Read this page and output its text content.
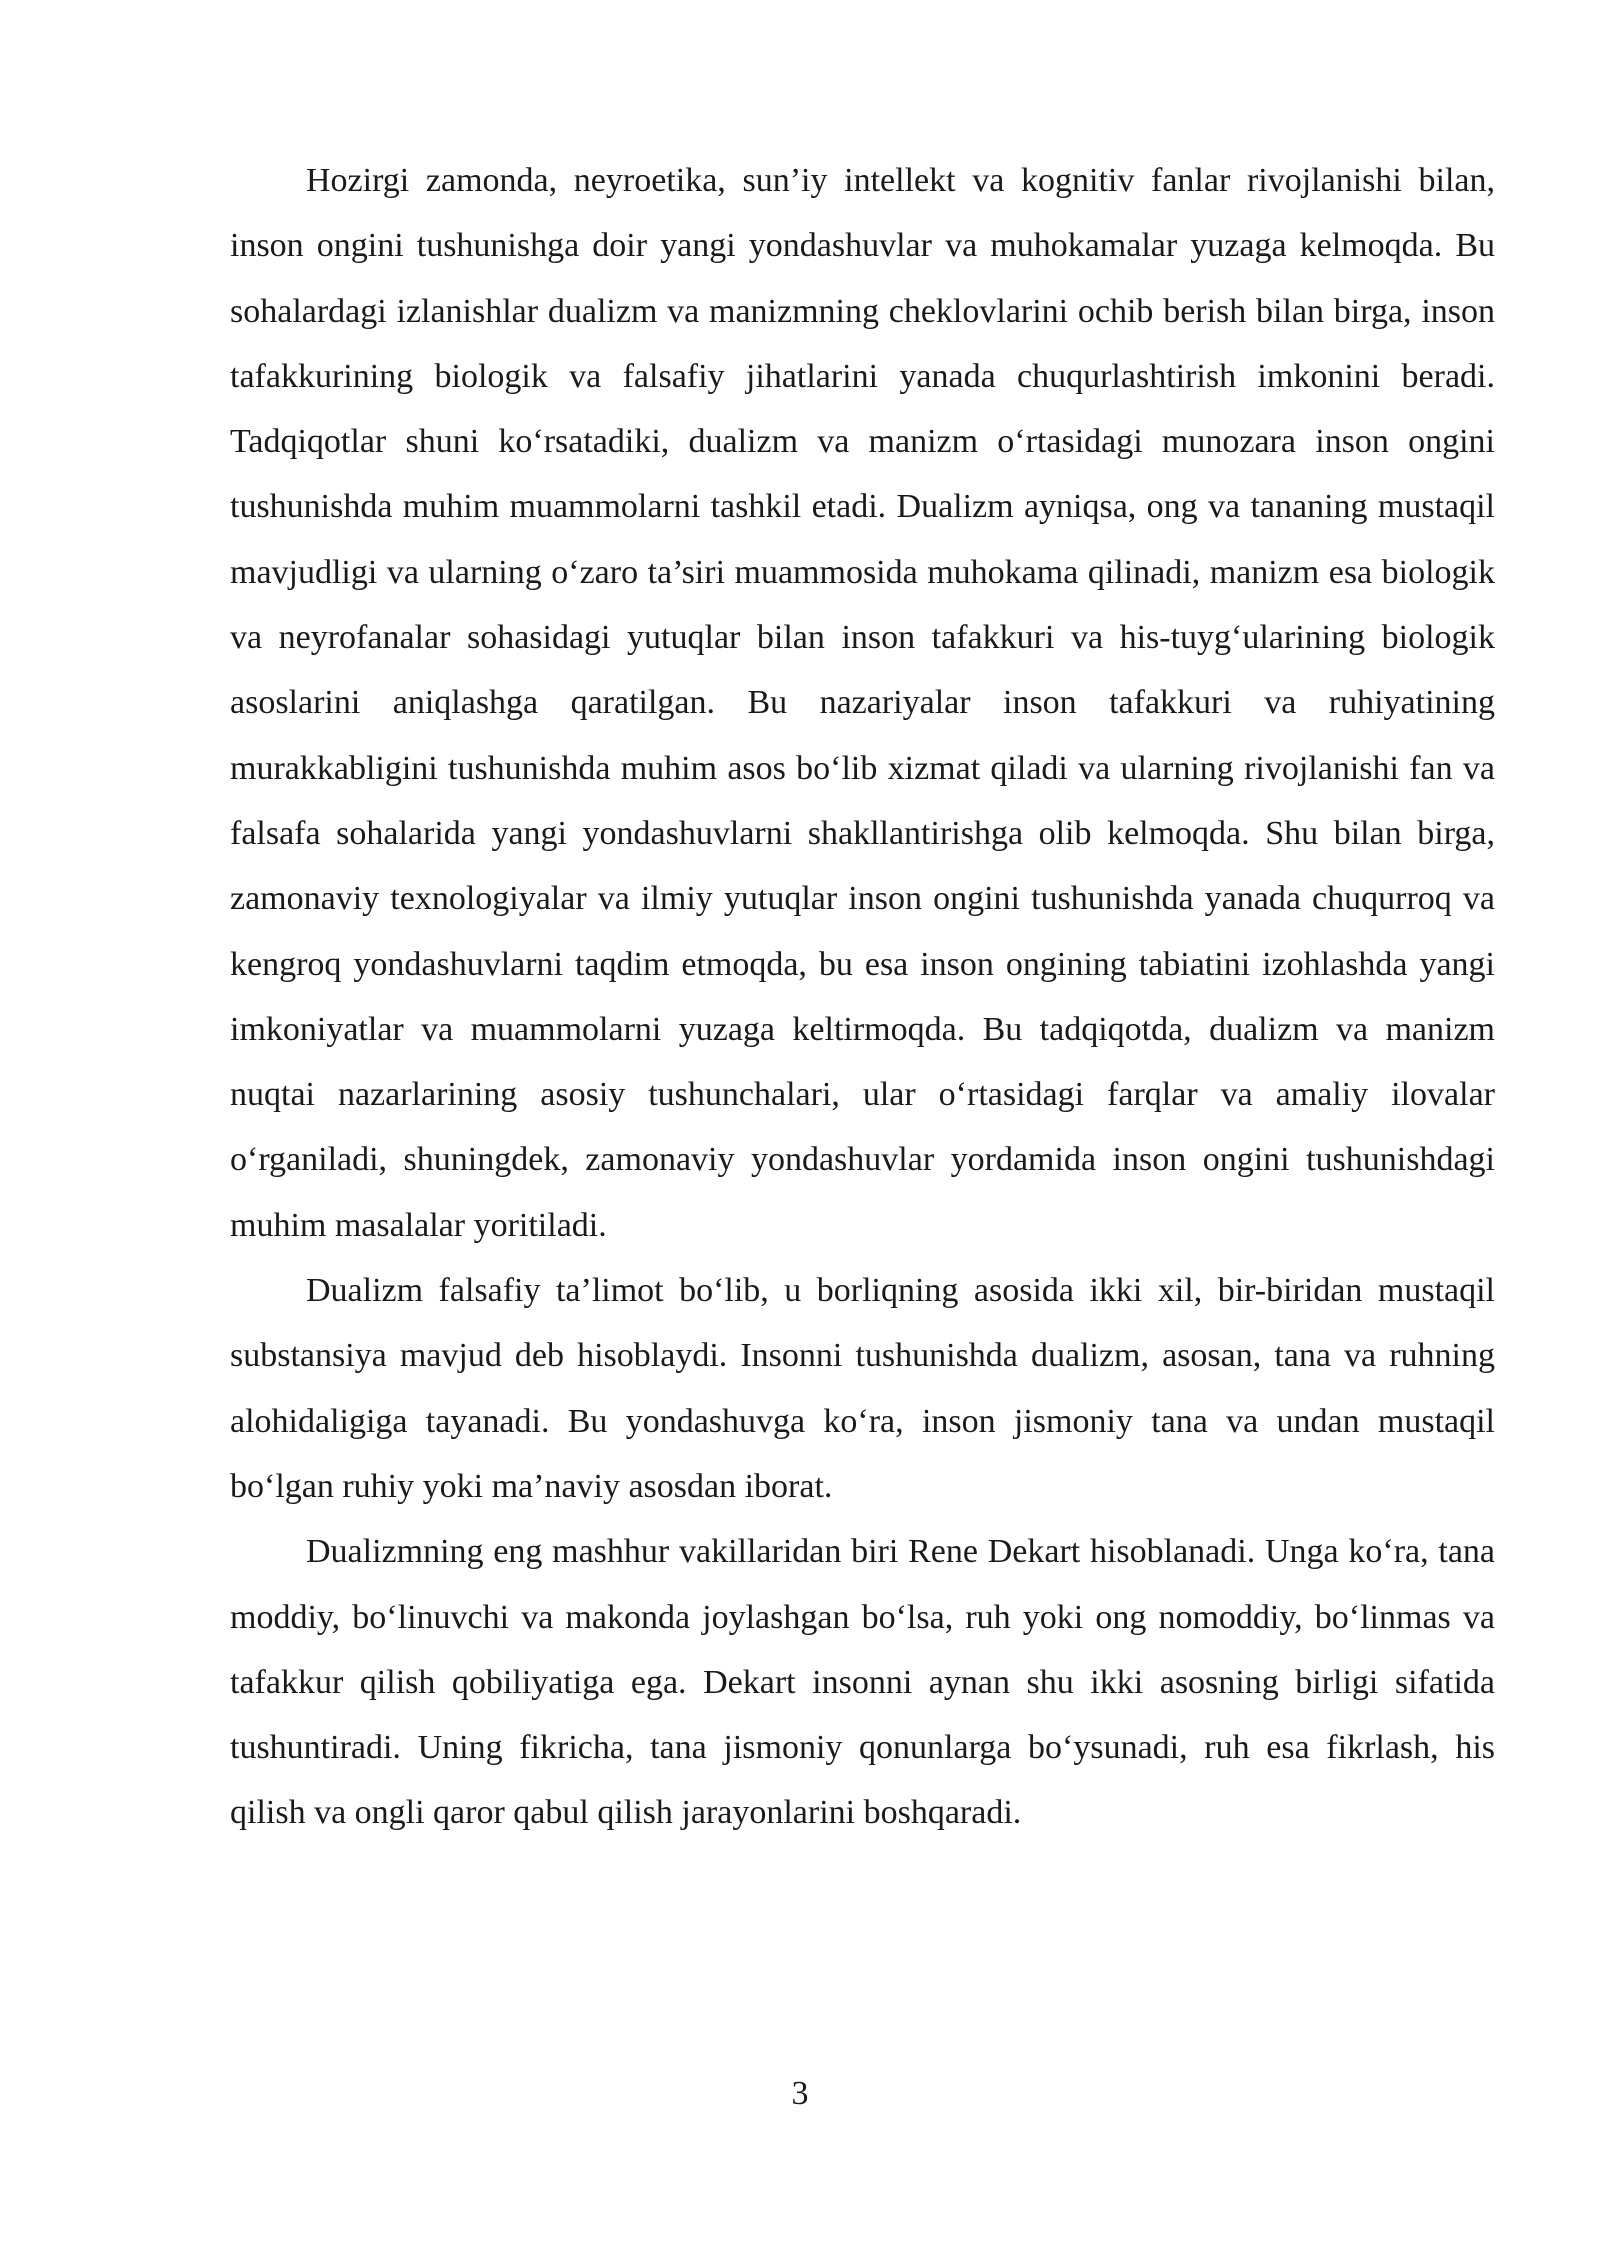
Hozirgi zamonda, neyroetika, sun’iy intellekt va kognitiv fanlar rivojlanishi bilan, inson ongini tushunishga doir yangi yondashuvlar va muhokamalar yuzaga kelmoqda. Bu sohalardagi izlanishlar dualizm va manizmning cheklovlarini ochib berish bilan birga, inson tafakkurining biologik va falsafiy jihatlarini yanada chuqurlashtirish imkonini beradi. Tadqiqotlar shuni ko‘rsatadiki, dualizm va manizm o‘rtasidagi munozara inson ongini tushunishda muhim muammolarni tashkil etadi. Dualizm ayniqsa, ong va tananing mustaqil mavjudligi va ularning o‘zaro ta’siri muammosida muhokama qilinadi, manizm esa biologik va neyrofanalar sohasidagi yutuqlar bilan inson tafakkuri va his-tuyg‘ularining biologik asoslarini aniqlashga qaratilgan. Bu nazariyalar inson tafakkuri va ruhiyatining murakkabligini tushunishda muhim asos bo‘lib xizmat qiladi va ularning rivojlanishi fan va falsafa sohalarida yangi yondashuvlarni shakllantirishga olib kelmoqda. Shu bilan birga, zamonaviy texnologiyalar va ilmiy yutuqlar inson ongini tushunishda yanada chuqurroq va kengroq yondashuvlarni taqdim etmoqda, bu esa inson ongining tabiatini izohlashda yangi imkoniyatlar va muammolarni yuzaga keltirmoqda. Bu tadqiqotda, dualizm va manizm nuqtai nazarlarining asosiy tushunchalari, ular o‘rtasidagi farqlar va amaliy ilovalar o‘rganiladi, shuningdek, zamonaviy yondashuvlar yordamida inson ongini tushunishdagi muhim masalalar yoritiladi.

Dualizm falsafiy ta’limot bo‘lib, u borliqning asosida ikki xil, bir-biridan mustaqil substansiya mavjud deb hisoblaydi. Insonni tushunishda dualizm, asosan, tana va ruhning alohidaligiga tayanadi. Bu yondashuvga ko‘ra, inson jismoniy tana va undan mustaqil bo‘lgan ruhiy yoki ma’naviy asosdan iborat.

Dualizmning eng mashhur vakillaridan biri Rene Dekart hisoblanadi. Unga ko‘ra, tana moddiy, bo‘linuvchi va makonda joylashgan bo‘lsa, ruh yoki ong nomoddiy, bo‘linmas va tafakkur qilish qobiliyatiga ega. Dekart insonni aynan shu ikki asosning birligi sifatida tushuntiradi. Uning fikricha, tana jismoniy qonunlarga bo‘ysunadi, ruh esa fikrlash, his qilish va ongli qaror qabul qilish jarayonlarini boshqaradi.

3
